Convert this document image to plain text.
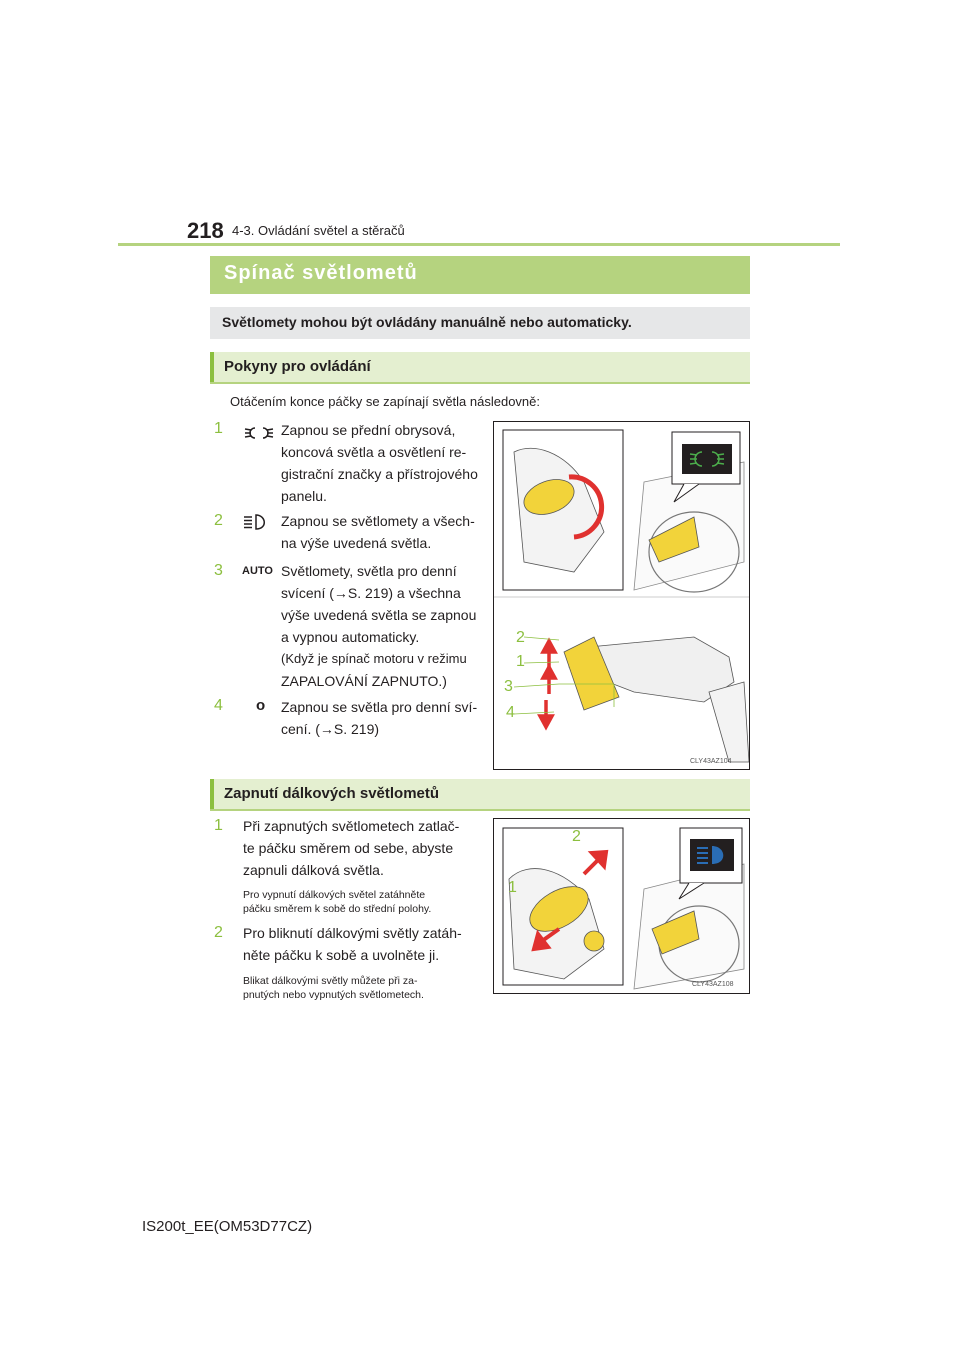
218 4-3. Ovládání světel a stěračů
Spínač světlometů
Světlomety mohou být ovládány manuálně nebo automaticky.
Pokyny pro ovládání
Otáčením konce páčky se zapínají světla následovně:
1	Zapnou se přední obrysová,
koncová světla a osvětlení re-
gistrační značky a přístrojového
panelu.
2	Zapnou se světlomety a všech-
na výše uvedená světla.
3	AUTO Světlomety, světla pro denní
svícení (→S. 219) a všechna
výše uvedená světla se zapnou
a vypnou automaticky.
(Když je spínač motoru v režimu
ZAPALOVÁNÍ ZAPNUTO.)
4	o Zapnou se světla pro denní sví-
cení. (→S. 219)
2
1
3
4
CLY43AZ104
Zapnutí dálkových světlometů
1	Při zapnutých světlometech zatlač-
te páčku směrem od sebe, abyste
zapnuli dálková světla.
Pro vypnutí dálkových světel zatáhněte
páčku směrem k sobě do střední polohy.
2	Pro bliknutí dálkovými světly zatáh-
něte páčku k sobě a uvolněte ji.
Blikat dálkovými světly můžete při za-
pnutých nebo vypnutých světlometech.
2
1
CLY43AZ108
IS200t_EE(OM53D77CZ)
